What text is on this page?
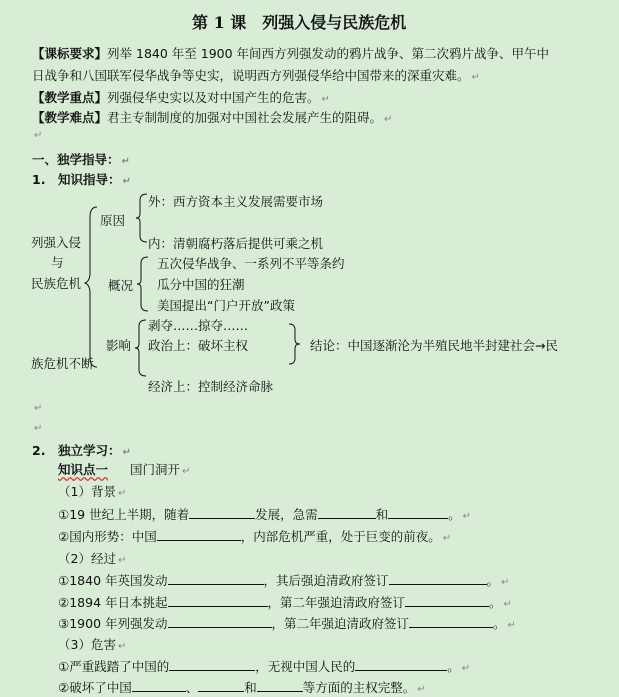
第 1 课　列强入侵与民族危机
【课标要求】列举 1840 年至 1900 年间西方列强发动的鸦片战争、第二次鸦片战争、甲午中
日战争和八国联军侵华战争等史实，说明西方列强侵华给中国带来的深重灾难。 ↵
【教学重点】列强侵华史实以及对中国产生的危害。 ↵
【教学难点】君主专制制度的加强对中国社会发展产生的阻碍。 ↵
↵
一、独学指导： ↵
1.　知识指导： ↵
列强入侵
与
民族危机
族危机不断
原因
外：西方资本主义发展需要市场
内：清朝腐朽落后提供可乘之机
概况
五次侵华战争、一系列不平等条约
瓜分中国的狂潮
美国提出“门户开放”政策
影响
剥夺……掠夺……
政治上：破坏主权
经济上：控制经济命脉
结论：中国逐渐沦为半殖民地半封建社会→民
↵
↵
2.　独立学习： ↵
知识点一 国门洞开 ↵
（1）背景 ↵
①19 世纪上半期，随着	发展，急需	和	。 ↵
②国内形势：中国	，内部危机严重，处于巨变的前夜。 ↵
（2）经过 ↵
①1840 年英国发动	，其后强迫清政府签订	。 ↵
②1894 年日本挑起	，第二年强迫清政府签订	。 ↵
③1900 年列强发动	，第二年强迫清政府签订	。 ↵
（3）危害 ↵
①严重践踏了中国的	，无视中国人民的	。 ↵
②破坏了中国	、	和	等方面的主权完整。 ↵
